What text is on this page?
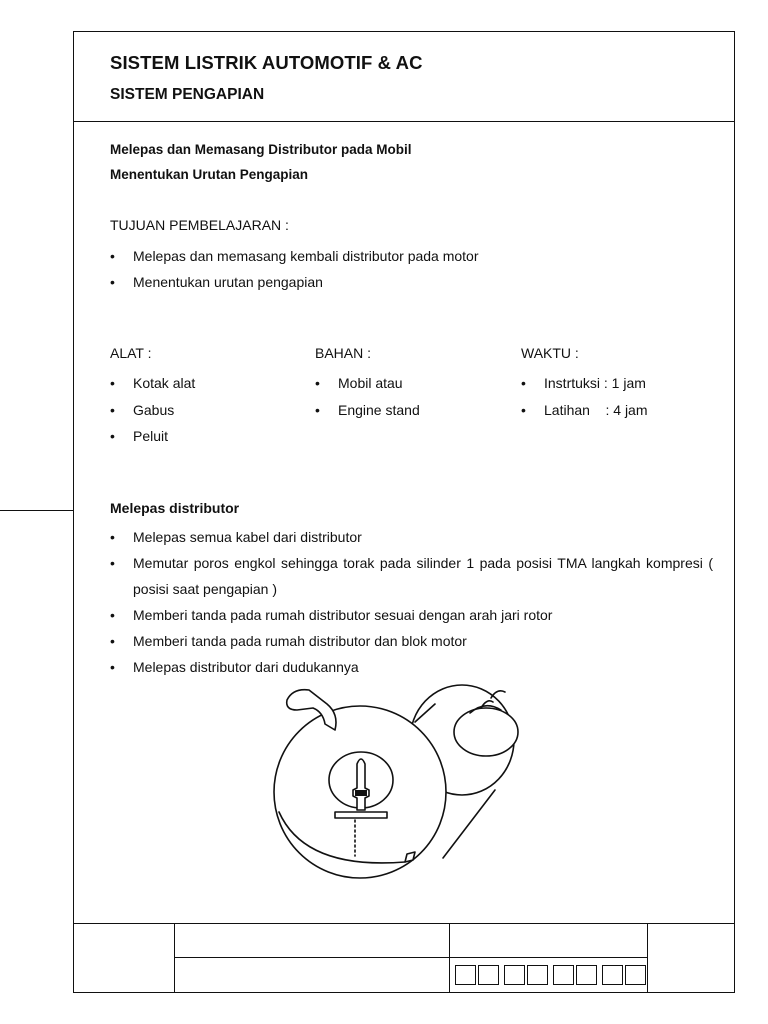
SISTEM LISTRIK AUTOMOTIF & AC
SISTEM PENGAPIAN
Melepas dan Memasang Distributor pada Mobil
Menentukan Urutan Pengapian
TUJUAN PEMBELAJARAN :
• Melepas dan memasang kembali distributor pada motor
• Menentukan urutan pengapian
ALAT :
• Kotak alat
• Gabus
• Peluit
BAHAN :
• Mobil atau
• Engine stand
WAKTU :
• Instrtuksi : 1 jam
• Latihan    : 4 jam
Melepas distributor
• Melepas semua kabel dari distributor
• Memutar poros engkol sehingga torak pada silinder 1 pada posisi TMA langkah kompresi ( posisi saat pengapian )
• Memberi tanda pada rumah distributor sesuai dengan arah jari rotor
• Memberi tanda pada rumah distributor dan blok motor
• Melepas distributor dari dudukannya
